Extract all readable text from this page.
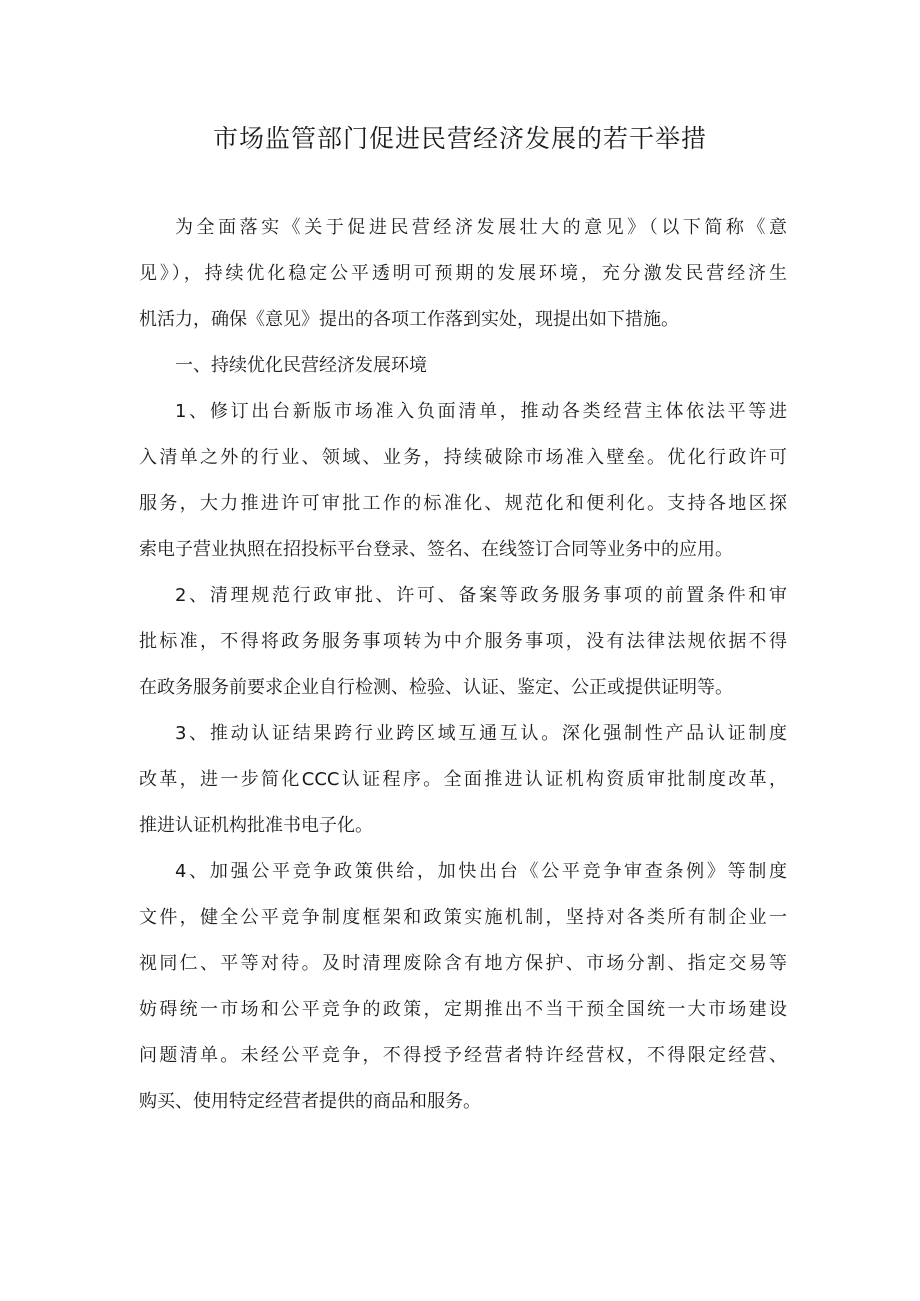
市场监管部门促进民营经济发展的若干举措
为全面落实《关于促进民营经济发展壮大的意见》（以下简称《意
见》），持续优化稳定公平透明可预期的发展环境，充分激发民营经济生
机活力，确保《意见》提出的各项工作落到实处，现提出如下措施。
一、持续优化民营经济发展环境
1、修订出台新版市场准入负面清单，推动各类经营主体依法平等进
入清单之外的行业、领域、业务，持续破除市场准入壁垒。优化行政许可
服务，大力推进许可审批工作的标准化、规范化和便利化。支持各地区探
索电子营业执照在招投标平台登录、签名、在线签订合同等业务中的应用。
2、清理规范行政审批、许可、备案等政务服务事项的前置条件和审
批标准，不得将政务服务事项转为中介服务事项，没有法律法规依据不得
在政务服务前要求企业自行检测、检验、认证、鉴定、公正或提供证明等。
3、推动认证结果跨行业跨区域互通互认。深化强制性产品认证制度
改革，进一步简化CCC认证程序。全面推进认证机构资质审批制度改革，
推进认证机构批准书电子化。
4、加强公平竞争政策供给，加快出台《公平竞争审查条例》等制度
文件，健全公平竞争制度框架和政策实施机制，坚持对各类所有制企业一
视同仁、平等对待。及时清理废除含有地方保护、市场分割、指定交易等
妨碍统一市场和公平竞争的政策，定期推出不当干预全国统一大市场建设
问题清单。未经公平竞争，不得授予经营者特许经营权，不得限定经营、
购买、使用特定经营者提供的商品和服务。
